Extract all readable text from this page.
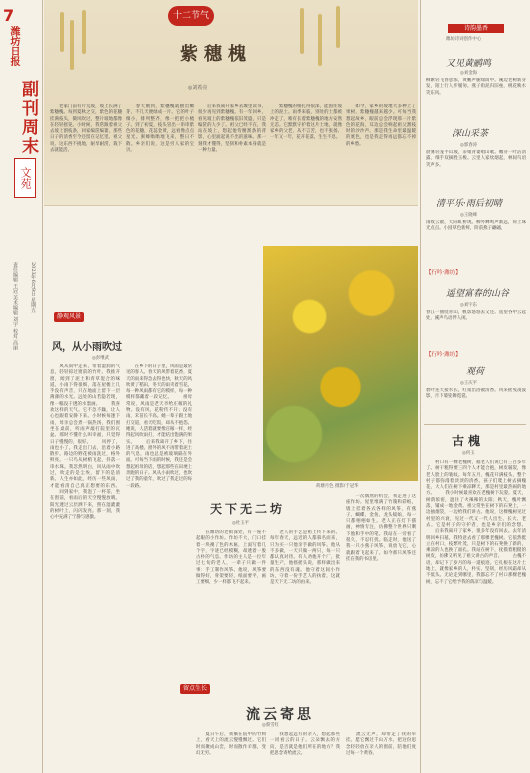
7
潍坊日报
副刊周末
文苑
2023年6月9日 星期五
责任编辑 王冠 美术编辑 刘宇 校对 高丽
十二节气
紫穗槐
◎刘希亮
　　老家门前有片荒坡，坡上长满了紫穗槐。每到夏秋之交，紫色的花穗挂满枝头，微风吹过，整片坡地都像在轻轻摇晃。小时候，我常跟着祖父去坡上割枝条，回家编筐编篓，那些日子的清香至今还留在记忆里。祖父说，这东西不挑地，耐旱耐涝，栽下去就能活。
　　春天刚到，紫穗槐就抽出嫩芽，不几天便绿成一片。它的叶子细小，排列整齐，像一把把小梳子。到了初夏，枝头冒出一串串紫色的花穗，花蕊金黄，远看像点点星光。蜜蜂嗡嗡地飞来，整日不散。乡亲们说，这是穷人家的宝贝。
　　后来我离开家乡去城里读书，很少再见到紫穗槐。有一年回乡，看见坡上的紫穗槐依旧茂盛，只是编筐的人少了。祖父已经不在，我站在坡上，想起他弯腰割条的背影，心里涌起说不出的滋味。那一刻我才懂得，坚韧和朴素本身就是一种力量。
　　紫穗槐的根扎得很深，能固住坡上的泥土。雨季来临，别处的土都被冲走了，唯有长着紫穗槐的地方安然无恙。它默默守护着这片土地，就像家乡的父老，从不言苦，也不张扬。一年又一年，花开花落，生生不息。
　　如今，家乡的坡地大多种上了果树，紫穗槐越来越少。可每当我想起故乡，眼前总会浮现那一片紫色的花海，耳边总会响起祖父割枝时的沙沙声。那是我生命里最温暖的底色，也是我走得再远都忘不掉的乡愁。
荷塘月色 摄影/于冠华
静观风景
风，从小雨吹过
◎彭继武
　　风从雨中走来，带着湿润的气息，轻轻掠过窗前的竹叶。我推开窗，闻到了泥土和青草混合的味道。小雨下得很细，落在屋檐上几乎没有声音，只在地面上留下一层薄薄的水光。远处的山若隐若现，像一幅没干透的水墨画。 　　我喜欢这样的天气。它不急不躁，让人心也跟着安静下来。小时候每逢下雨，母亲总会煮一锅热汤，我们围坐在桌前，听雨声敲打院里的瓦盆。那时不懂什么叫幸福，只觉得日子慢慢的，很好。 　　风停了，雨也小了。我走出门去，沿着小路散步。路边的野花被雨洗过，格外鲜亮。一只鸟从树梢飞起，抖落一串水珠。我忽然明白，风从雨中吹过，吹走的是尘埃，留下的是清新。人生亦如此，经历一些风雨，才能看清自己真正想要的东西。 　　回到家中，我泡了一杯茶，坐在窗前，看雨后的天空慢慢放晴。阳光透过云层洒下来，照在湿漉漉的树叶上，闪闪发亮。那一刻，我心中充满了宁静与感激。
　　在乡下的日子里，风雨是最常见的客人。春天的风带着花香，夏天的雨来得急去得也快，秋天的风吹黄了稻田，冬天的雨夹着雪花。每一种风雨都有它的模样，每一种模样都藏着一段记忆。 　　祖母常说，风雨是老天爷给庄稼的礼物。没有风，花粉传不开；没有雨，禾苗长不高。她一辈子跟土地打交道，看天吃饭，却从不抱怨。她说，人活着就要像庄稼一样，经得起风吹雨打，才能结出饱满的果实。 　　后来我离开了乡下，住进了高楼。窗外的风不再带着泥土的气息，雨也总是被玻璃隔在外面。可每当下雨的时候，我还是会想起祖母的话，想起那些在田埂上奔跑的日子。风从小雨吹过，也吹过了我的童年，吹过了我走过的每一段路。
天下无二坊
◎杜玉平
　　在潍坊的老街深处，有一座不起眼的小作坊。作坊不大，门口挂着一块褪了色的木匾，上面写着几个字，字迹已经模糊，却透着一股古朴的气息。作坊的主人是一位年过七旬的老人，一辈子只做一件事：手工制作风筝。他说，风筝要做得好，骨架要轻，纸面要平，画工要细，少一样都飞不起来。
　　老人的手艺是祖上传下来的。每年春天，远近的人都慕名而来，只为买一只他亲手做的风筝。他从不多做，一天只做一两只，每一只都认真对待。有人劝他开个厂，批量生产，他摇摇头说，那样做出来的东西没有魂。他守着这间小作坊，守着一份手艺人的执着，这就是天下无二坊的由来。
　　一次偶然的机会，我走进了这座作坊。屋里堆满了竹篾和彩纸，墙上挂着各式各样的风筝，有燕子、蝴蝶、金鱼、龙头蜈蚣，每一只都栩栩如生。老人正在灯下描画，神情专注，仿佛整个世界只剩下他和手中的笔。我站在一旁看了很久，不忍打扰。临走时，他送了我一只小燕子风筝，说放飞它，心就跟着飞起来了。如今那只风筝还挂在我的书房里。
留点生长
流云寄思
◎蔡雪红
　　夏日午后，我躺在院中的竹椅上，看天上的流云慢慢飘过。它们时而聚成山峦，时而散作羊群，变幻无穷。
　　我想起远方的亲人，想起那些一同看云的日子。云朵飘去的方向，是否就是他们所在的地方？我把思念寄给流云。
　　流云无声，却带走了我的牵挂。愿它飘过千山万水，把这份思念轻轻放在亲人的窗前，陪他们度过每一个黄昏。
诗韵墨香
潍坊诗词创作中心
又见黄鹂鸣
◎刘金海
柳絮轻飞春意浓，黄鹂声脆绿荫中。溪边老树新芽发，陌上行人步履匆。燕子衔泥归旧垒，桃花映水笑东风。
深山采茶
◎郭春涛
晨雾轻笼半山坡，茶娘背篓唱山歌。嫩芽一叶沾清露，细手双摘胜玉梭。云里人家炊烟起，林间鸟语笑声多。
清平乐·雨后初晴
◎王晓峰
雨收云散，天际虹桥现。柳外蝉鸣声渐远，荷上珠光点点。小园草色新鲜，阶前燕子翩翩。
【行吟·潍坊】
遥望富春的山谷
◎刘宇东
春江一曲绕青山，帆影悠悠去又还。遥望谷中云起处，溪声鸟语伴人闲。
【行吟·潍坊】
观荷
◎王庆平
碧叶连天接水长，红蕖出浴散清香。风来摇曳凌波影，月下婆娑舞霓裳。
古槐
◎何玉
　　村口有一棵老槐树，据老人们说已有三百多年了。树干粗得要三四个人才能合抱，树皮皲裂，像老人脸上的皱纹。每年五月，槐花开满枝头，整个村子都弥漫着淡淡的清香。孩子们爬上树去摘槐花，大人们在树下乘凉聊天，那是村里最热闹的地方。 　　我小时候最喜欢在老槐树下玩耍。夏天，树荫浓密，遮住了火辣辣的太阳；秋天，槐叶飘落，铺成一地金黄。祖父常坐在树下的石凳上，一边抽烟袋，一边给我们讲古。他说，这棵槐树见过村里的兴衰，见过一代又一代人出生、长大、老去。它是村子的守护者，也是乡亲们的念想。 　　后来我离开了家乡，很多年没有回去。去年清明回乡扫墓，我特意去看了那棵老槐树。它依然挺立在村口，枝繁叶茂，只是树下的石凳换了新的，乘凉的人也换了面孔。我站在树下，抚摸着粗糙的树皮，仿佛又听见了祖父讲古的声音。 　　古槐不语，却记下了岁月的每一道痕迹。它扎根在这片土地上，就像家乡的人，朴实、坚韧，经历风霜却从不低头。无论走到哪里，我都忘不了村口那棵老槐树，忘不了它给予我的荫凉与温暖。
